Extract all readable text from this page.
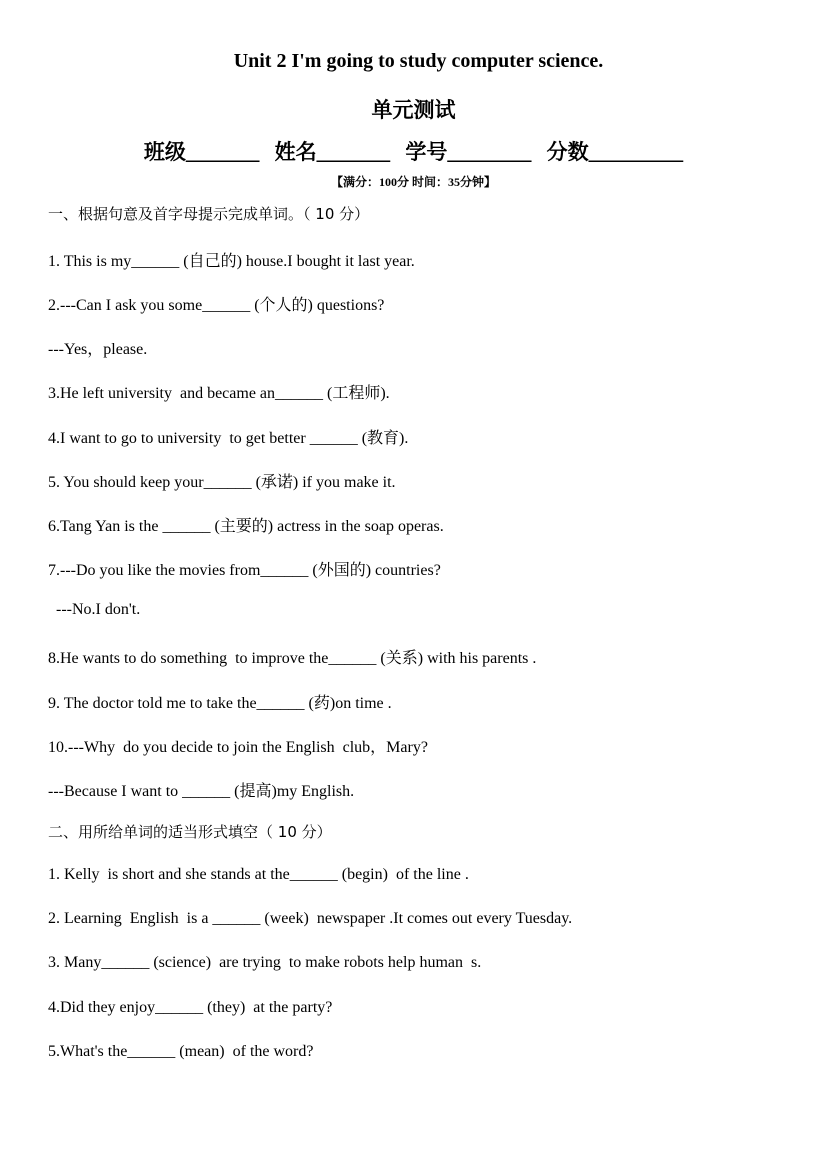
Unit 2 I'm going to study computer science.
单元测试
班级_______ 姓名_______ 学号________ 分数_________
【满分：100分 时间：35分钟】
一、根据句意及首字母提示完成单词。（ 10 分）
1. This is my______ (自己的) house.I bought it last year.
2.---Can I ask you some______ (个人的) questions?
---Yes，please.
3.He left university  and became an______ (工程师).
4.I want to go to university  to get better ______ (教育).
5. You should keep your______ (承诺) if you make it.
6.Tang Yan is the ______ (主要的) actress in the soap operas.
7.---Do you like the movies from______ (外国的) countries?
---No.I don't.
8.He wants to do something  to improve the______ (关系) with his parents .
9. The doctor told me to take the______ (药)on time .
10.---Why  do you decide to join the English  club，Mary?
---Because I want to ______ (提高)my English.
二、用所给单词的适当形式填空（ 10 分）
1. Kelly  is short and she stands at the______ (begin)  of the line .
2. Learning  English  is a ______ (week)  newspaper .It comes out every Tuesday.
3. Many______ (science)  are trying  to make robots help human  s.
4.Did they enjoy______ (they)  at the party?
5.What's the______ (mean)  of the word?
